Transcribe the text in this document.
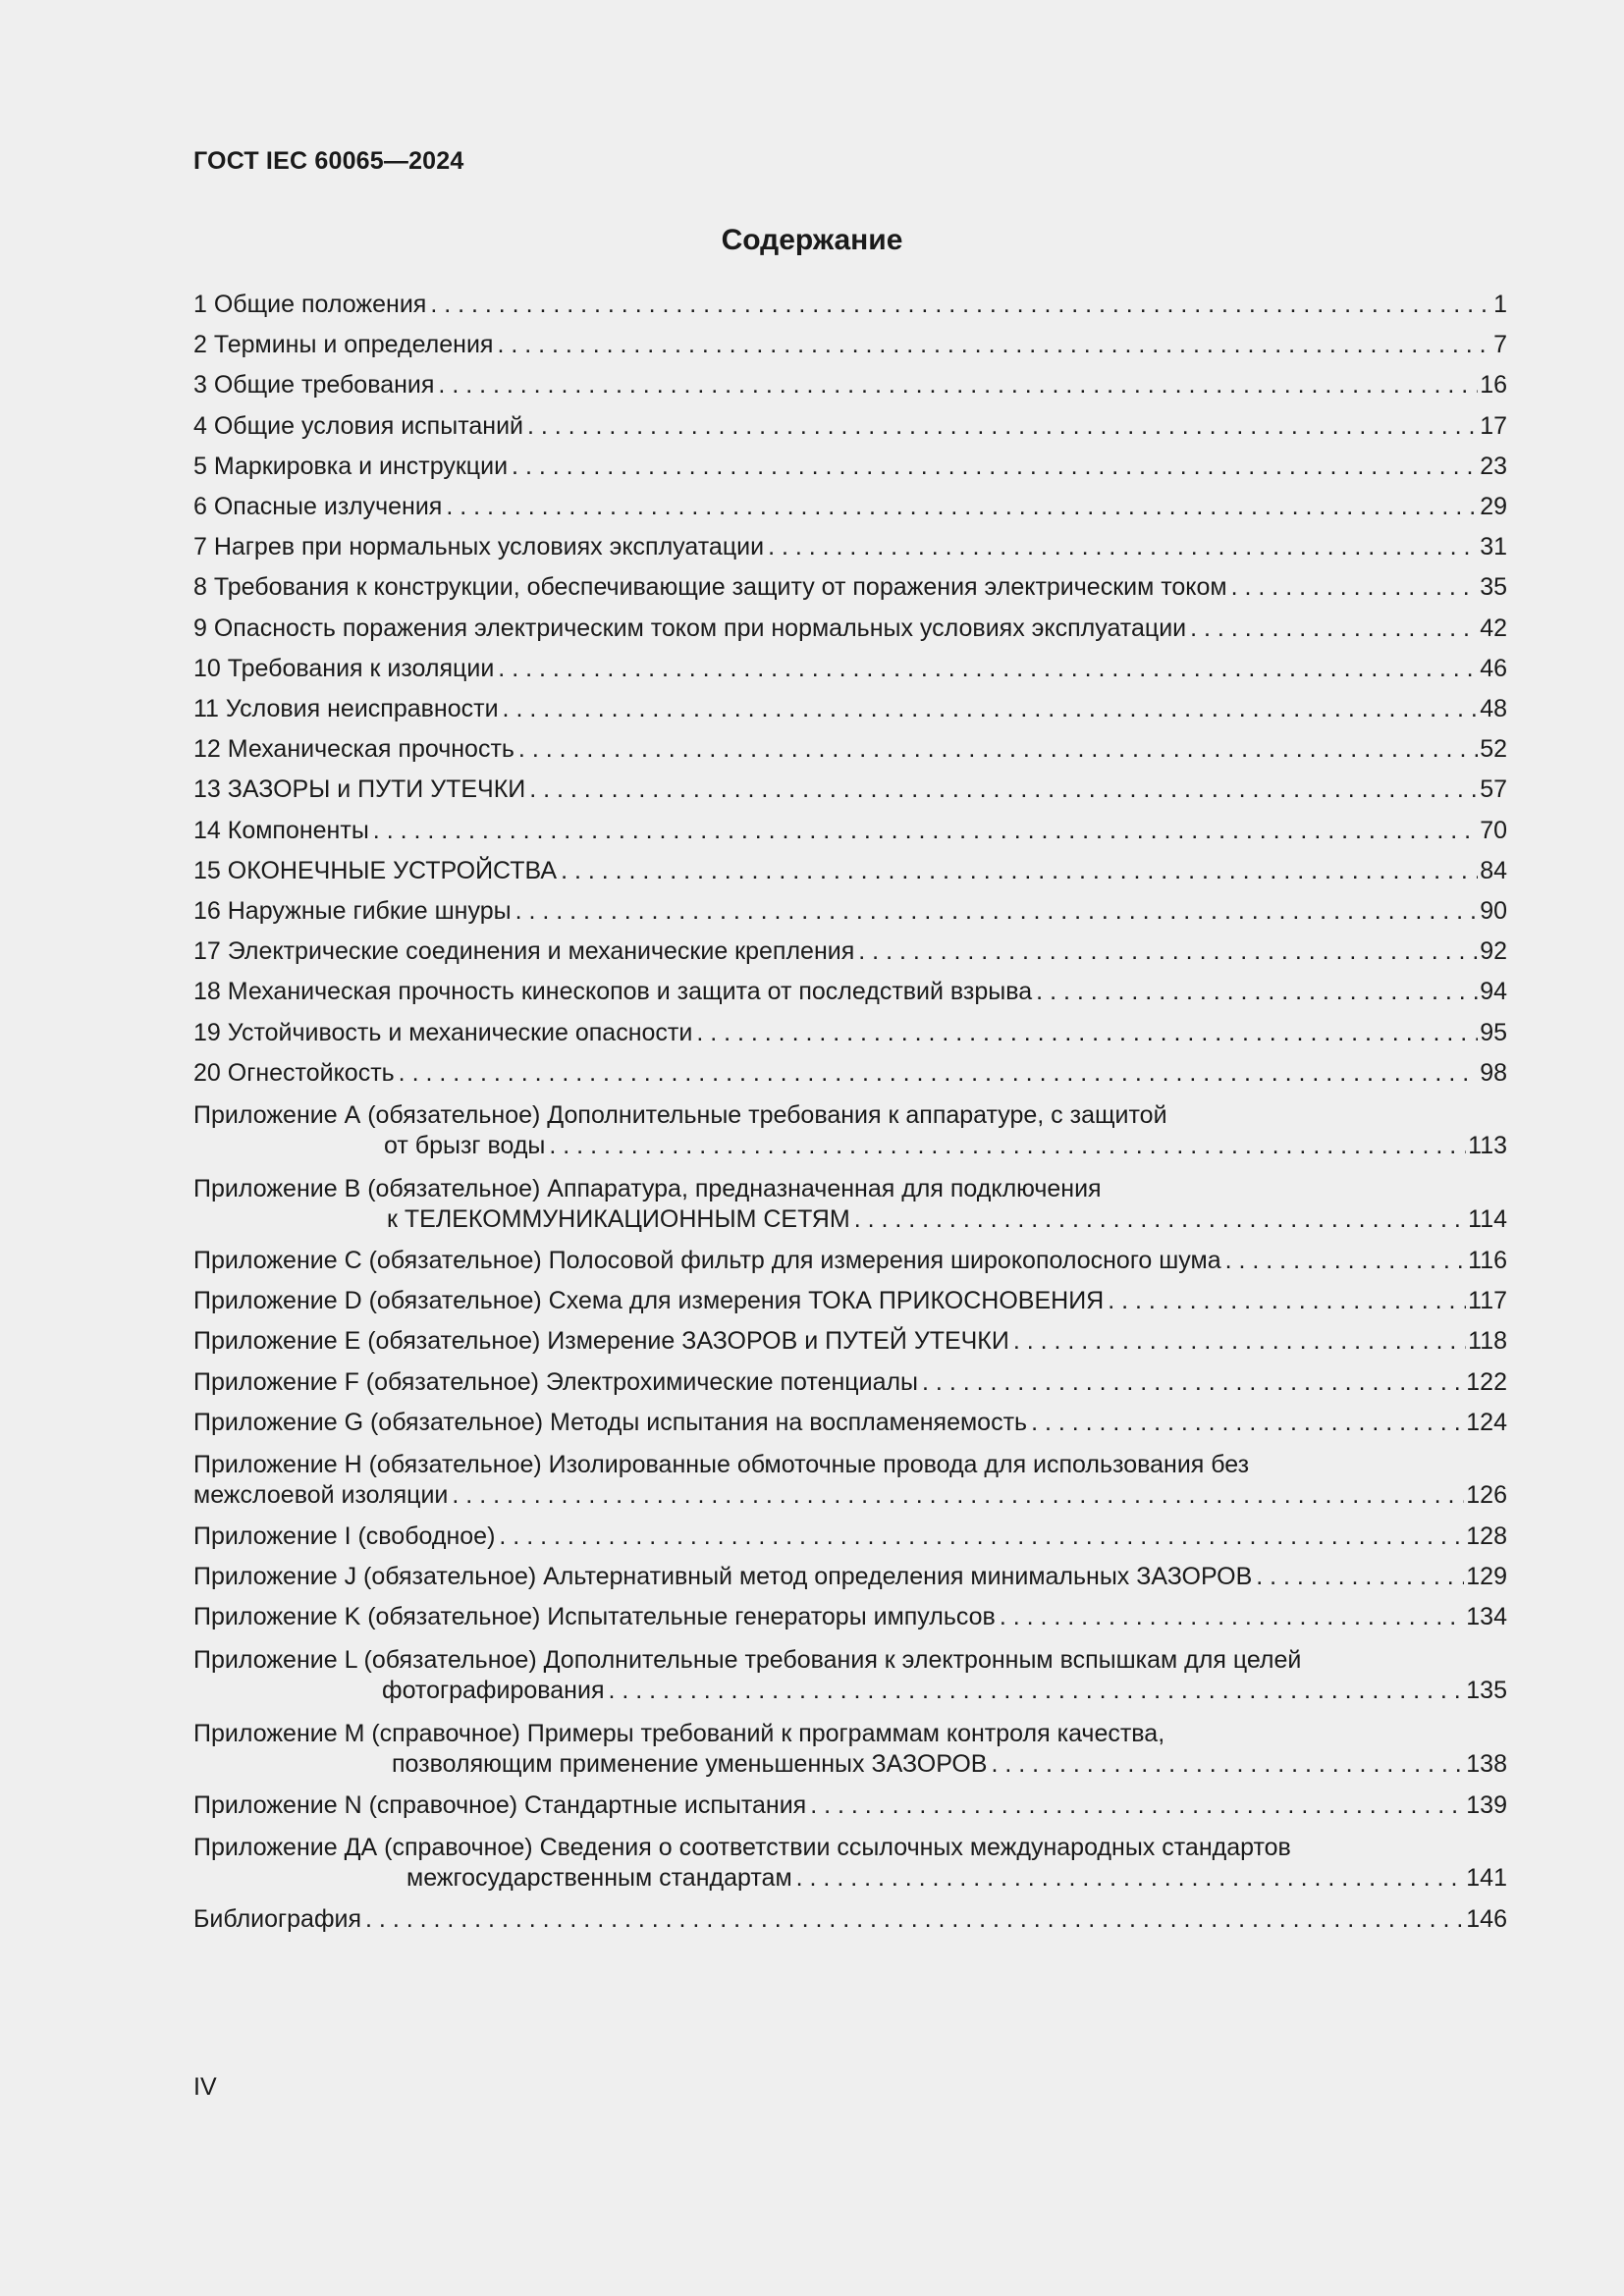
ГОСТ IEC 60065—2024
Содержание
1 Общие положения . . .	1
2 Термины и определения . . .	7
3 Общие требования . . .	16
4 Общие условия испытаний . . .	17
5 Маркировка и инструкции . . .	23
6 Опасные излучения . . .	29
7 Нагрев при нормальных условиях эксплуатации . . .	31
8 Требования к конструкции, обеспечивающие защиту от поражения электрическим током . . .	35
9 Опасность поражения электрическим током при нормальных условиях эксплуатации . . .	42
10 Требования к изоляции . . .	46
11 Условия неисправности . . .	48
12 Механическая прочность . . .	52
13 ЗАЗОРЫ и ПУТИ УТЕЧКИ . . .	57
14 Компоненты . . .	70
15 ОКОНЕЧНЫЕ УСТРОЙСТВА . . .	84
16 Наружные гибкие шнуры . . .	90
17 Электрические соединения и механические крепления . . .	92
18 Механическая прочность кинескопов и защита от последствий взрыва . . .	94
19 Устойчивость и механические опасности . . .	95
20 Огнестойкость . . .	98
Приложение А (обязательное) Дополнительные требования к аппаратуре, с защитой
от брызг воды . . .	113
Приложение В (обязательное) Аппаратура, предназначенная для подключения
к ТЕЛЕКОММУНИКАЦИОННЫМ СЕТЯМ . . .	114
Приложение С (обязательное) Полосовой фильтр для измерения широкополосного шума . . .	116
Приложение D (обязательное) Схема для измерения ТОКА ПРИКОСНОВЕНИЯ . . .	117
Приложение Е (обязательное) Измерение ЗАЗОРОВ и ПУТЕЙ УТЕЧКИ . . .	118
Приложение F (обязательное) Электрохимические потенциалы . . .	122
Приложение G (обязательное) Методы испытания на воспламеняемость . . .	124
Приложение Н (обязательное) Изолированные обмоточные провода для использования без
межслоевой изоляции . . .	126
Приложение I (свободное) . . .	128
Приложение J (обязательное) Альтернативный метод определения минимальных ЗАЗОРОВ . . .	129
Приложение K (обязательное) Испытательные генераторы импульсов . . .	134
Приложение L (обязательное) Дополнительные требования к электронным вспышкам для целей
фотографирования . . .	135
Приложение М (справочное) Примеры требований к программам контроля качества,
позволяющим применение уменьшенных ЗАЗОРОВ . . .	138
Приложение N (справочное) Стандартные испытания . . .	139
Приложение ДА (справочное) Сведения о соответствии ссылочных международных стандартов
межгосударственным стандартам . . .	141
Библиография . . .	146
IV
